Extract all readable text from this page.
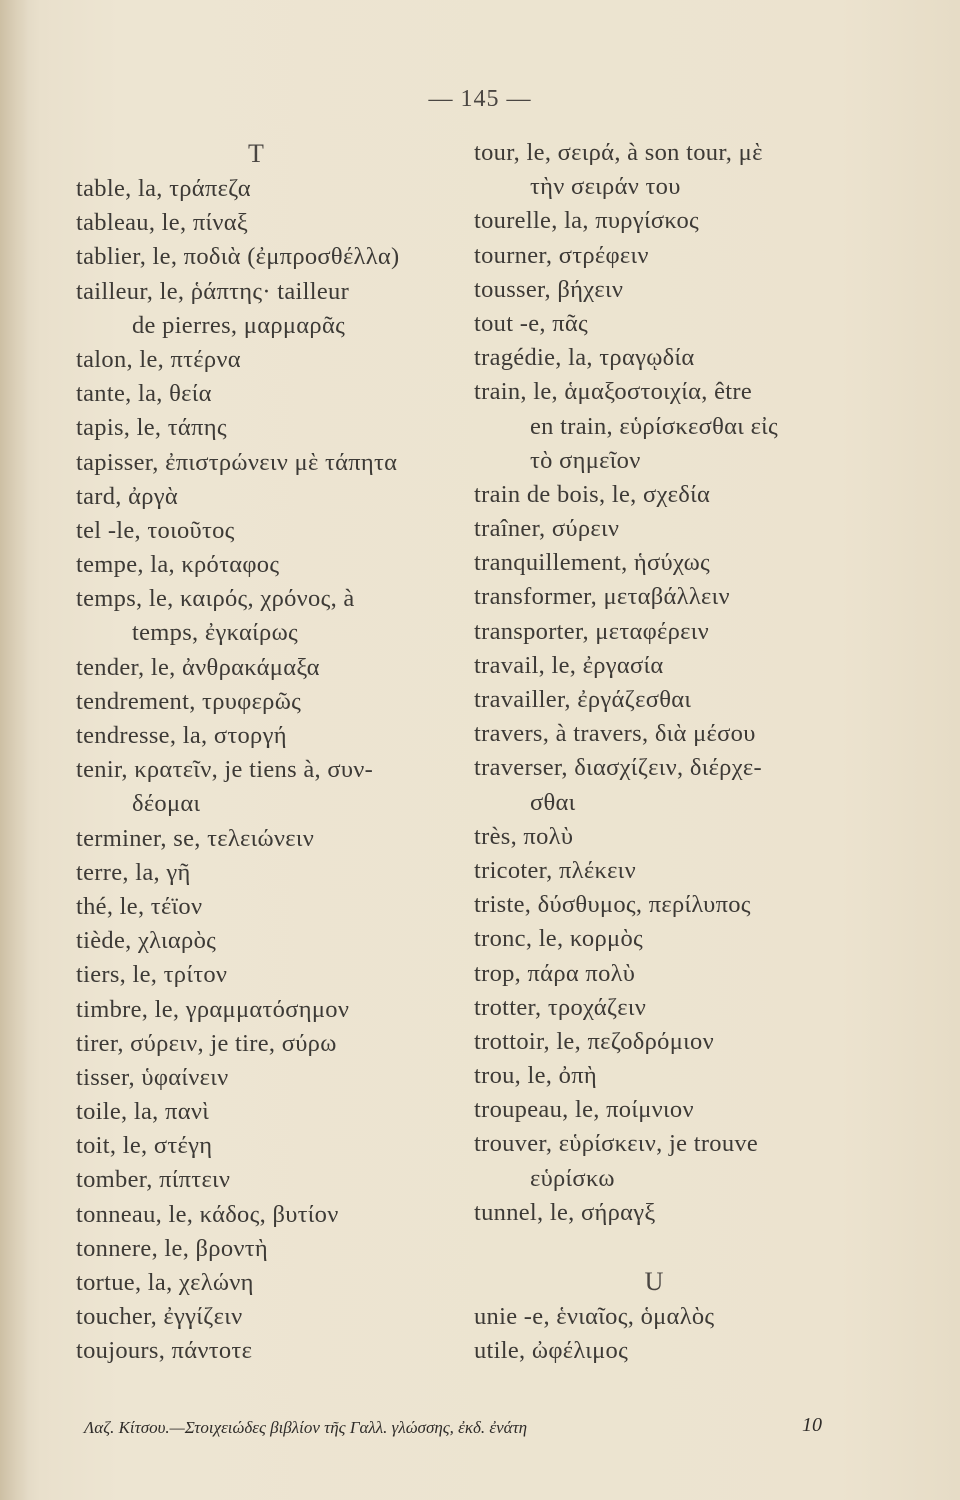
— 145 —
T
table, la, τράπεζα
tableau, le, πίναξ
tablier, le, ποδιὰ (ἐμπροσθέλλα)
tailleur, le, ῥάπτης· tailleur
de pierres, μαρμαρᾶς
talon, le, πτέρνα
tante, la, θεία
tapis, le, τάπης
tapisser, ἐπιστρώνειν μὲ τάπητα
tard, ἀργὰ
tel -le, τοιοῦτος
tempe, la, κρόταφος
temps, le, καιρός, χρόνος, à
temps, ἐγκαίρως
tender, le, ἀνθρακάμαξα
tendrement, τρυφερῶς
tendresse, la, στοργή
tenir, κρατεῖν, je tiens à, συν-
δέομαι
terminer, se, τελειώνειν
terre, la, γῆ
thé, le, τέϊον
tiède, χλιαρὸς
tiers, le, τρίτον
timbre, le, γραμματόσημον
tirer, σύρειν, je tire, σύρω
tisser, ὑφαίνειν
toile, la, πανὶ
toit, le, στέγη
tomber, πίπτειν
tonneau, le, κάδος, βυτίον
tonnere, le, βροντὴ
tortue, la, χελώνη
toucher, ἐγγίζειν
toujours, πάντοτε
tour, le, σειρά, à son tour, μὲ
τὴν σειράν του
tourelle, la, πυργίσκος
tourner, στρέφειν
tousser, βήχειν
tout -e, πᾶς
tragédie, la, τραγῳδία
train, le, ἁμαξοστοιχία, être
en train, εὑρίσκεσθαι εἰς
τὸ σημεῖον
train de bois, le, σχεδία
traîner, σύρειν
tranquillement, ἡσύχως
transformer, μεταβάλλειν
transporter, μεταφέρειν
travail, le, ἐργασία
travailler, ἐργάζεσθαι
travers, à travers, διὰ μέσου
traverser, διασχίζειν, διέρχε-
σθαι
très, πολὺ
tricoter, πλέκειν
triste, δύσθυμος, περίλυπος
tronc, le, κορμὸς
trop, πάρα πολὺ
trotter, τροχάζειν
trottoir, le, πεζοδρόμιον
trou, le, ὀπὴ
troupeau, le, ποίμνιον
trouver, εὑρίσκειν, je trouve
εὑρίσκω
tunnel, le, σήραγξ
U
unie -e, ἑνιαῖος, ὁμαλὸς
utile, ὠφέλιμος
Λαζ. Κίτσου.—Στοιχειώδες βιβλίον τῆς Γαλλ. γλώσσης, ἐκδ. ἐνάτη	10
